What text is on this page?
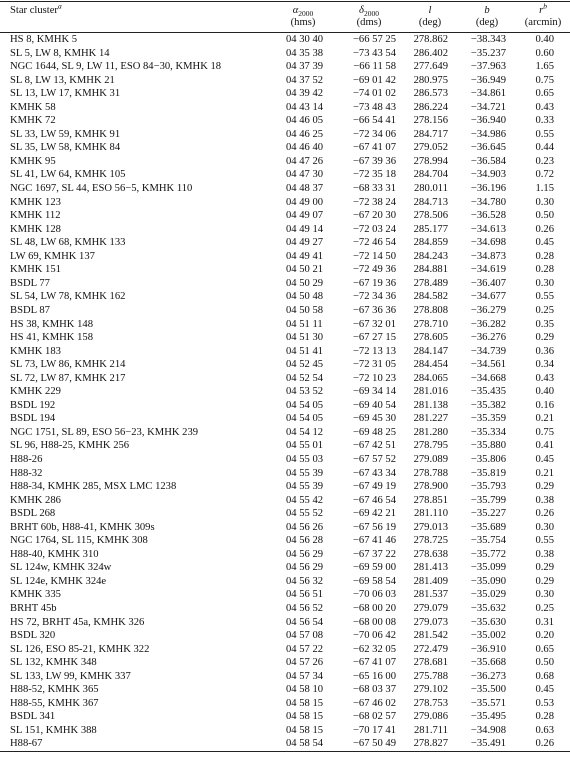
Star cluster$^a$	$\alpha_{2000}$	$\delta_{2000}$	l	b	$r^b$
	(hms)	(dms)	(deg)	(deg)	(arcmin)
HS 8, KMHK 5	04 30 40	−66 57 25	278.862	−38.343	0.40
SL 5, LW 8, KMHK 14	04 35 38	−73 43 54	286.402	−35.237	0.60
NGC 1644, SL 9, LW 11, ESO 84−30, KMHK 18	04 37 39	−66 11 58	277.649	−37.963	1.65
SL 8, LW 13, KMHK 21	04 37 52	−69 01 42	280.975	−36.949	0.75
SL 13, LW 17, KMHK 31	04 39 42	−74 01 02	286.573	−34.861	0.65
KMHK 58	04 43 14	−73 48 43	286.224	−34.721	0.43
KMHK 72	04 46 05	−66 54 41	278.156	−36.940	0.33
SL 33, LW 59, KMHK 91	04 46 25	−72 34 06	284.717	−34.986	0.55
SL 35, LW 58, KMHK 84	04 46 40	−67 41 07	279.052	−36.645	0.44
KMHK 95	04 47 26	−67 39 36	278.994	−36.584	0.23
SL 41, LW 64, KMHK 105	04 47 30	−72 35 18	284.704	−34.903	0.72
NGC 1697, SL 44, ESO 56−5, KMHK 110	04 48 37	−68 33 31	280.011	−36.196	1.15
KMHK 123	04 49 00	−72 38 24	284.713	−34.780	0.30
KMHK 112	04 49 07	−67 20 30	278.506	−36.528	0.50
KMHK 128	04 49 14	−72 03 24	285.177	−34.613	0.26
SL 48, LW 68, KMHK 133	04 49 27	−72 46 54	284.859	−34.698	0.45
LW 69, KMHK 137	04 49 41	−72 14 50	284.243	−34.873	0.28
KMHK 151	04 50 21	−72 49 36	284.881	−34.619	0.28
BSDL 77	04 50 29	−67 19 36	278.489	−36.407	0.30
SL 54, LW 78, KMHK 162	04 50 48	−72 34 36	284.582	−34.677	0.55
BSDL 87	04 50 58	−67 36 36	278.808	−36.279	0.25
HS 38, KMHK 148	04 51 11	−67 32 01	278.710	−36.282	0.35
HS 41, KMHK 158	04 51 30	−67 27 15	278.605	−36.276	0.29
KMHK 183	04 51 41	−72 13 13	284.147	−34.739	0.36
SL 73, LW 86, KMHK 214	04 52 45	−72 31 05	284.454	−34.561	0.34
SL 72, LW 87, KMHK 217	04 52 54	−72 10 23	284.065	−34.668	0.43
KMHK 229	04 53 52	−69 34 14	281.016	−35.435	0.40
BSDL 192	04 54 05	−69 40 54	281.138	−35.382	0.16
BSDL 194	04 54 05	−69 45 30	281.227	−35.359	0.21
NGC 1751, SL 89, ESO 56−23, KMHK 239	04 54 12	−69 48 25	281.280	−35.334	0.75
SL 96, H88-25, KMHK 256	04 55 01	−67 42 51	278.795	−35.880	0.41
H88-26	04 55 03	−67 57 52	279.089	−35.806	0.45
H88-32	04 55 39	−67 43 34	278.788	−35.819	0.21
H88-34, KMHK 285, MSX LMC 1238	04 55 39	−67 49 19	278.900	−35.793	0.29
KMHK 286	04 55 42	−67 46 54	278.851	−35.799	0.38
BSDL 268	04 55 52	−69 42 21	281.110	−35.227	0.26
BRHT 60b, H88-41, KMHK 309s	04 56 26	−67 56 19	279.013	−35.689	0.30
NGC 1764, SL 115, KMHK 308	04 56 28	−67 41 46	278.725	−35.754	0.55
H88-40, KMHK 310	04 56 29	−67 37 22	278.638	−35.772	0.38
SL 124w, KMHK 324w	04 56 29	−69 59 00	281.413	−35.099	0.29
SL 124e, KMHK 324e	04 56 32	−69 58 54	281.409	−35.090	0.29
KMHK 335	04 56 51	−70 06 03	281.537	−35.029	0.30
BRHT 45b	04 56 52	−68 00 20	279.079	−35.632	0.25
HS 72, BRHT 45a, KMHK 326	04 56 54	−68 00 08	279.073	−35.630	0.31
BSDL 320	04 57 08	−70 06 42	281.542	−35.002	0.20
SL 126, ESO 85-21, KMHK 322	04 57 22	−62 32 05	272.479	−36.910	0.65
SL 132, KMHK 348	04 57 26	−67 41 07	278.681	−35.668	0.50
SL 133, LW 99, KMHK 337	04 57 34	−65 16 00	275.788	−36.273	0.68
H88-52, KMHK 365	04 58 10	−68 03 37	279.102	−35.500	0.45
H88-55, KMHK 367	04 58 15	−67 46 02	278.753	−35.571	0.53
BSDL 341	04 58 15	−68 02 57	279.086	−35.495	0.28
SL 151, KMHK 388	04 58 15	−70 17 41	281.711	−34.908	0.63
H88-67	04 58 54	−67 50 49	278.827	−35.491	0.26
